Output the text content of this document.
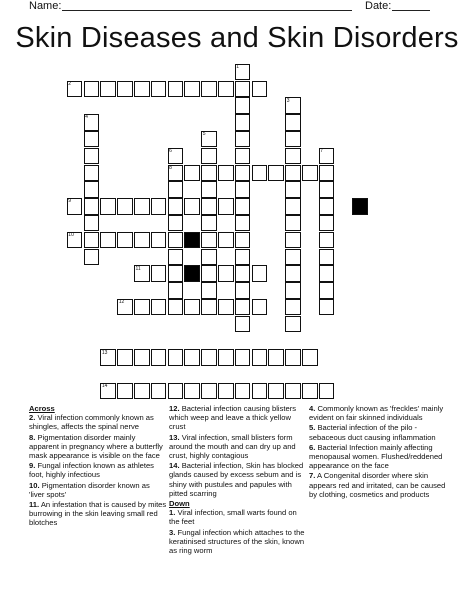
Name:	Date:
Skin Diseases and Skin Disorders
2
1
3
4
5
6
8
7
9
10
11
12
13
14

Across

2. Viral infection commonly known as shingles, affects the spinal nerve
8. Pigmentation disorder mainly apparent in pregnancy where a butterfly mask appearance is visible on the face
9. Fungal infection known as athletes foot, highly infectious
10. Pigmentation disorder known as 'liver spots'
11. An infestation that is caused by mites burrowing in the skin leaving small red blotches
12. Bacterial infection causing blisters which weep and leave a thick yellow crust
13. Viral infection, small blisters form around the mouth and can dry up and crust, highly contagious
14. Bacterial infection, Skin has blocked glands caused by excess sebum and is shiny with pustules and papules with pitted scarring

Down

1. Viral infection, small warts found on the feet
3. Fungal infection which attaches to the keratinised structures of the skin, known as ring worm
4. Commonly known as 'freckles' mainly evident on fair skinned individuals
5. Bacterial infection of the pilo - sebaceous duct causing inflammation
6. Bacterial Infection mainly affecting menopausal women. Flushed/reddened appearance on the face
7. A Congenital disorder where skin appears red and irritated, can be caused by clothing, cosmetics and products
